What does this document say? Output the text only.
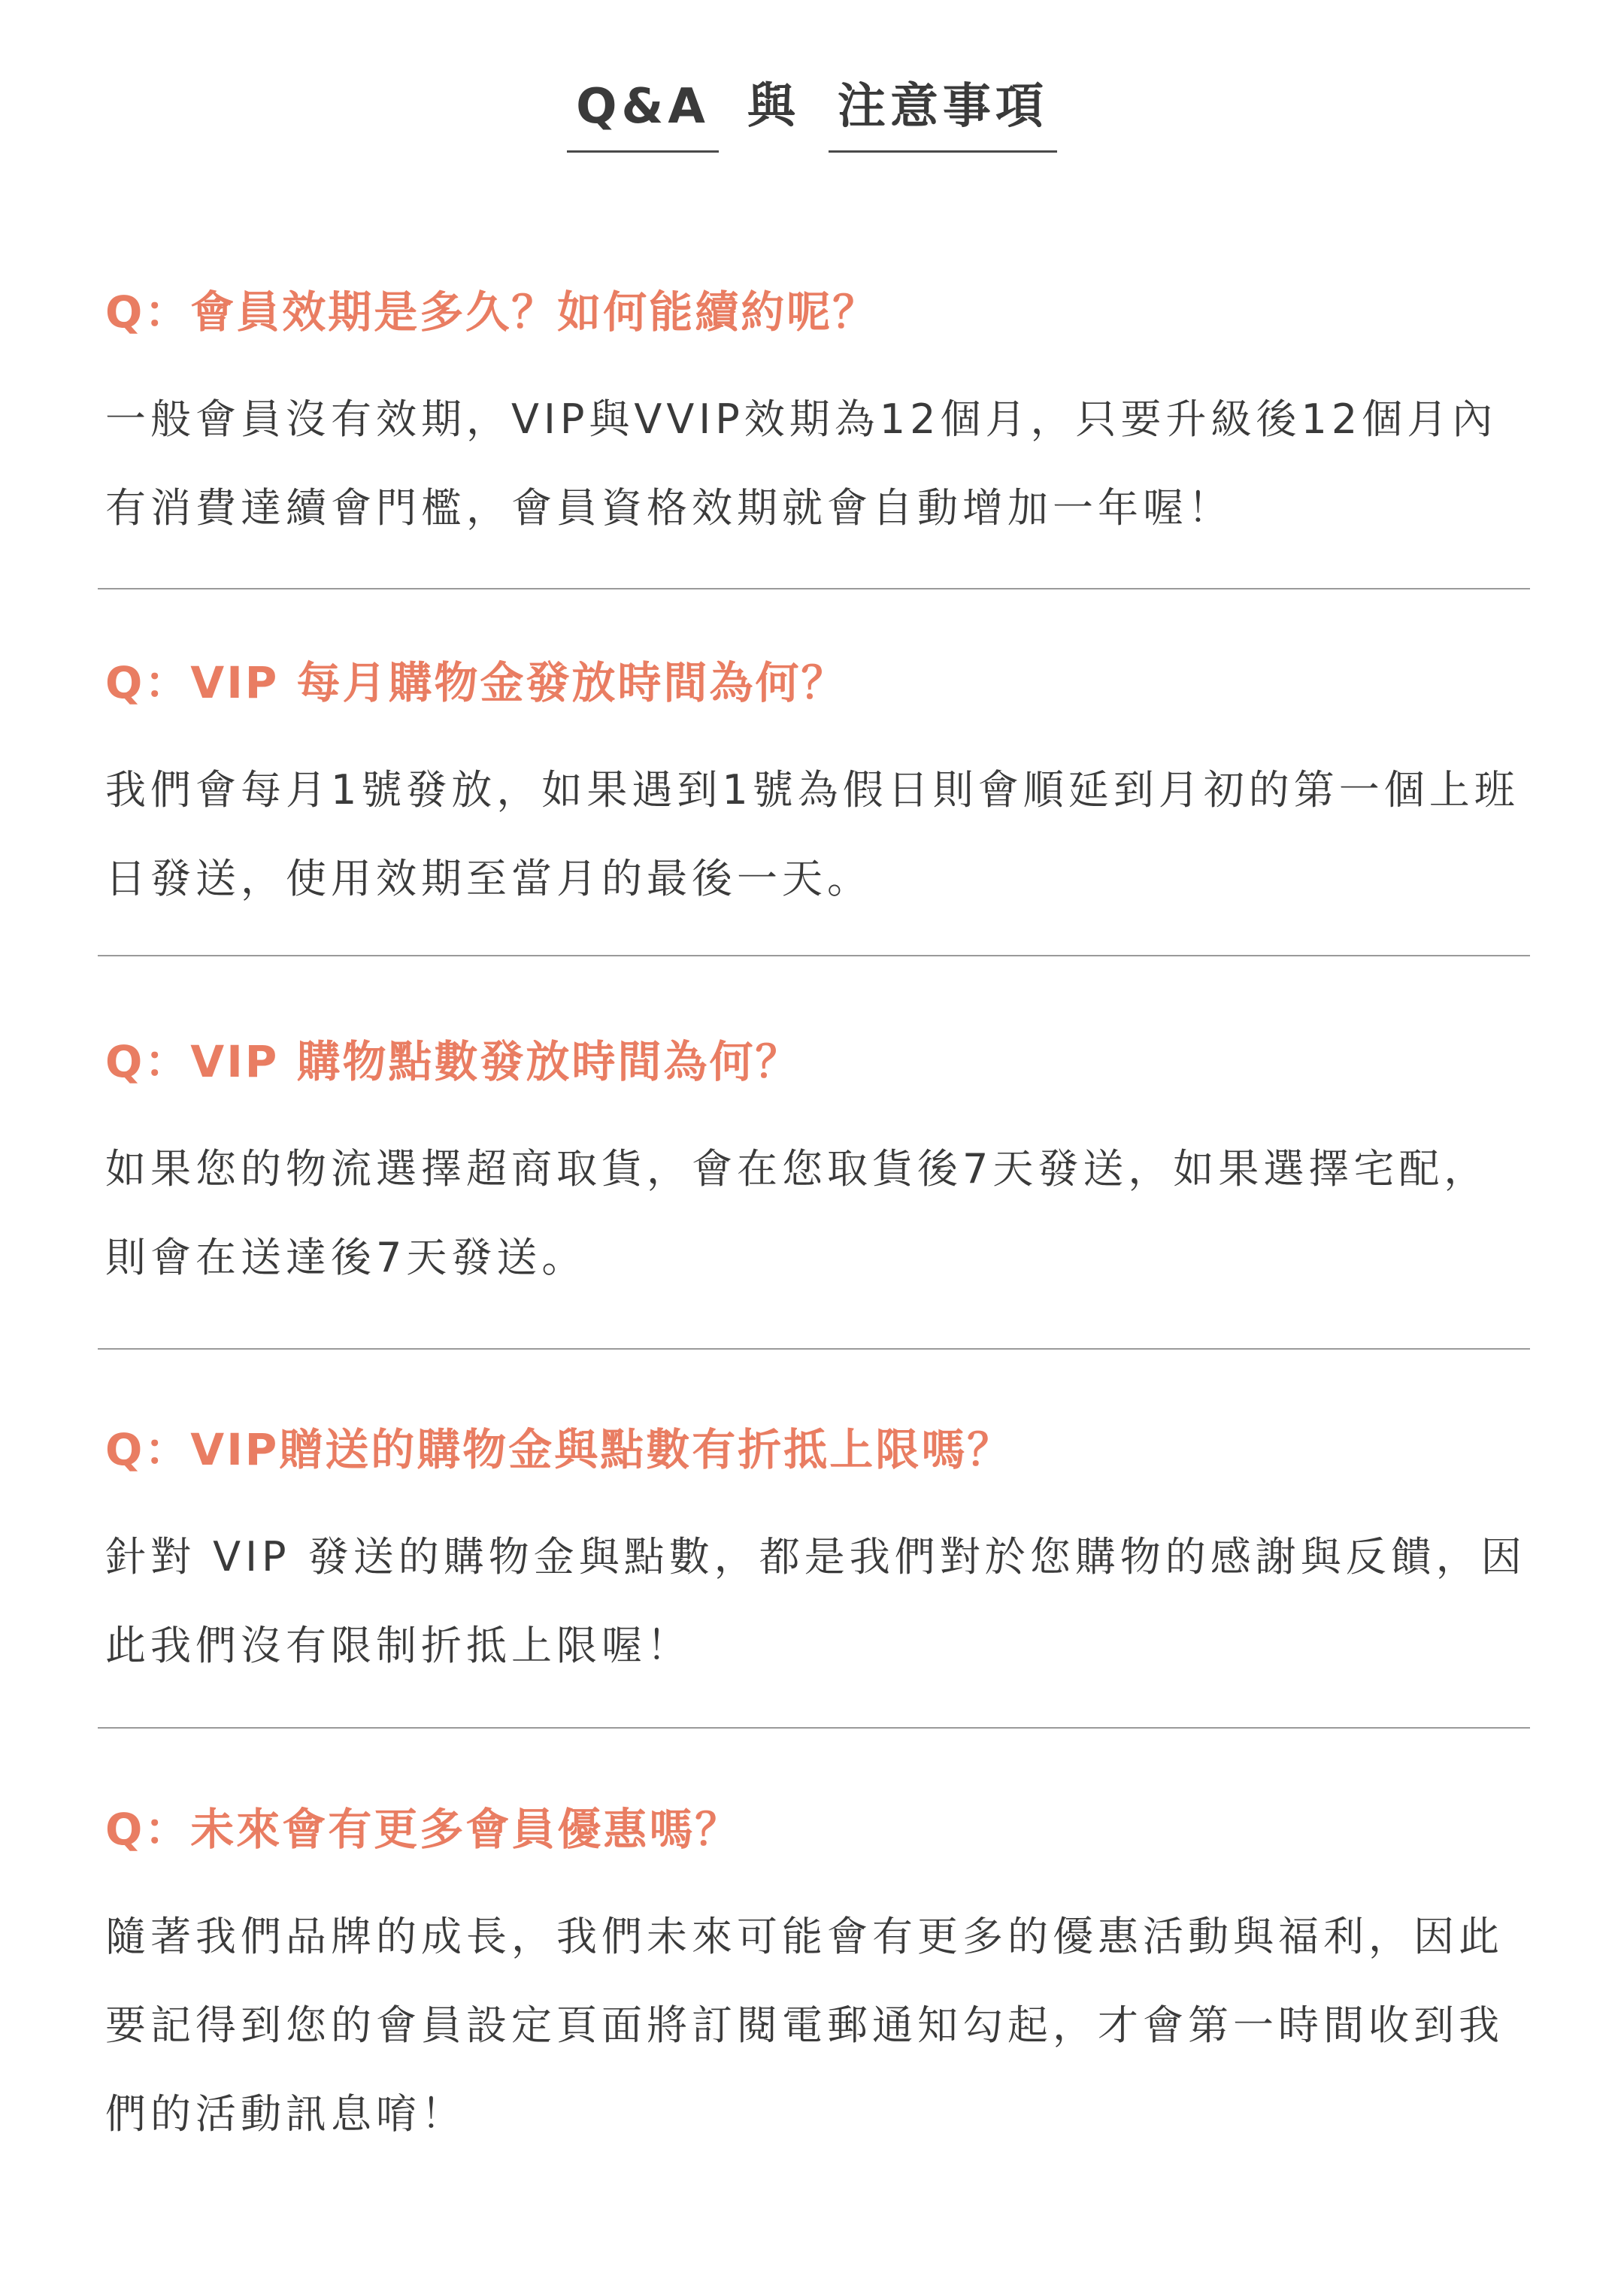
Q&A 與 注意事項
Q：會員效期是多久？如何能續約呢？

一般會員沒有效期，VIP與VVIP效期為12個月，只要升級後12個月內有消費達續會門檻，會員資格效期就會自動增加一年喔！

Q：VIP 每月購物金發放時間為何？

我們會每月1號發放，如果遇到1號為假日則會順延到月初的第一個上班日發送，使用效期至當月的最後一天。

Q：VIP 購物點數發放時間為何？

如果您的物流選擇超商取貨，會在您取貨後7天發送，如果選擇宅配，則會在送達後7天發送。

Q：VIP贈送的購物金與點數有折抵上限嗎？

針對 VIP 發送的購物金與點數，都是我們對於您購物的感謝與反饋，因此我們沒有限制折抵上限喔！

Q：未來會有更多會員優惠嗎？

隨著我們品牌的成長，我們未來可能會有更多的優惠活動與福利，因此要記得到您的會員設定頁面將訂閱電郵通知勾起，才會第一時間收到我們的活動訊息唷！
